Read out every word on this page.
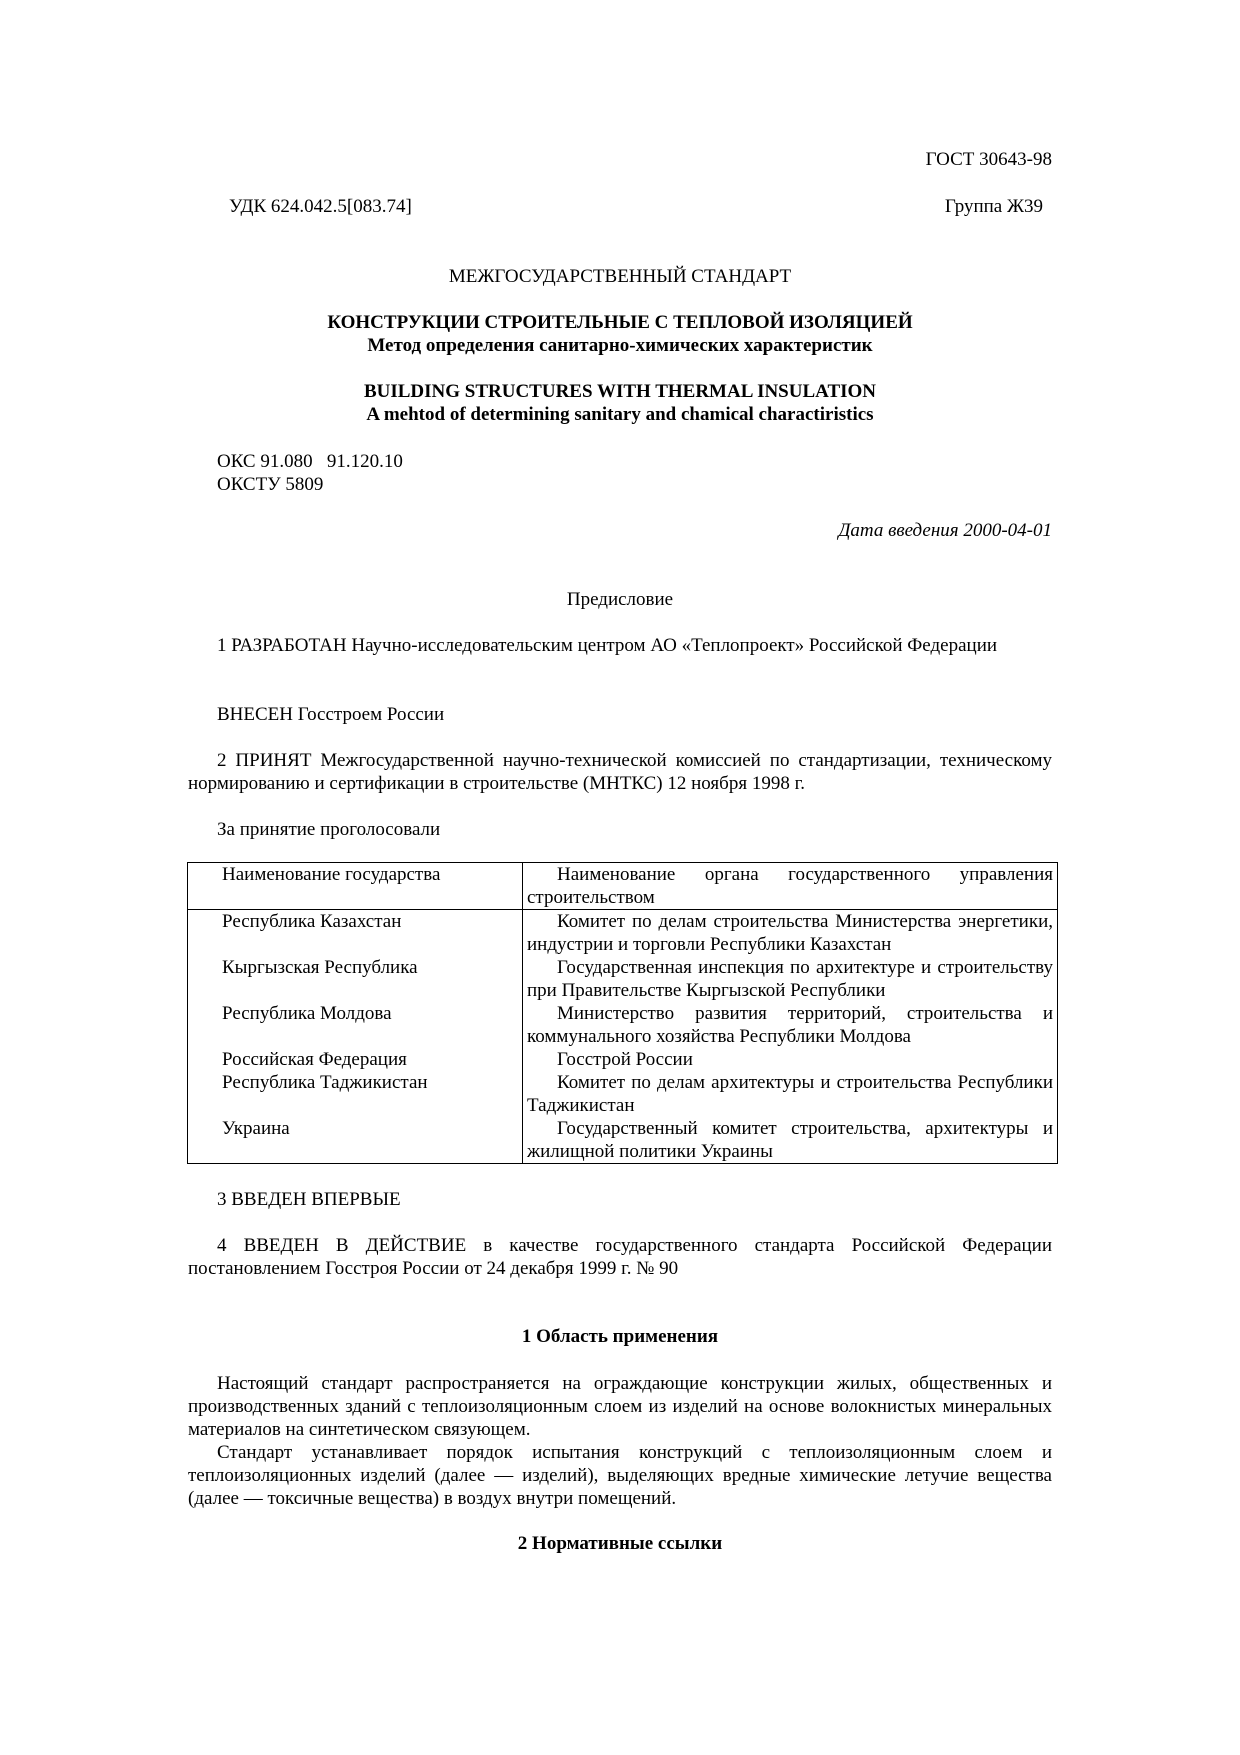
ГОСТ 30643-98
УДК 624.042.5[083.74]	Группа Ж39
МЕЖГОСУДАРСТВЕННЫЙ СТАНДАРТ
КОНСТРУКЦИИ СТРОИТЕЛЬНЫЕ С ТЕПЛОВОЙ ИЗОЛЯЦИЕЙ
Метод определения санитарно-химических характеристик
BUILDING STRUCTURES WITH THERMAL INSULATION
A mehtod of determining sanitary and chamical charactiristics
ОКС 91.080   91.120.10
ОКСТУ 5809
Дата введения 2000-04-01
Предисловие
1 РАЗРАБОТАН Научно-исследовательским центром АО «Теплопроект» Российской Федерации
ВНЕСЕН Госстроем России
2 ПРИНЯТ Межгосударственной научно-технической комиссией по стандартизации, техническому нормированию и сертификации в строительстве (МНТКС) 12 ноября 1998 г.
За принятие проголосовали
Наименование государства	Наименование органа государственного управления строительством

Республика Казахстан	Комитет по делам строительства Министерства энергетики, индустрии и торговли Республики Казахстан

Кыргызская Республика	Государственная инспекция по архитектуре и строительству при Правительстве Кыргызской Республики

Республика Молдова	Министерство развития территорий, строительства и коммунального хозяйства Республики Молдова

Российская Федерация	Госстрой России

Республика Таджикистан	Комитет по делам архитектуры и строительства Республики Таджикистан

Украина	Государственный комитет строительства, архитектуры и жилищной политики Украины
3 ВВЕДЕН ВПЕРВЫЕ
4 ВВЕДЕН В ДЕЙСТВИЕ в качестве государственного стандарта Российской Федерации постановлением Госстроя России от 24 декабря 1999 г. № 90
1 Область применения
Настоящий стандарт распространяется на ограждающие конструкции жилых, общественных и производственных зданий с теплоизоляционным слоем из изделий на основе волокнистых минеральных материалов на синтетическом связующем.
Стандарт устанавливает порядок испытания конструкций с теплоизоляционным слоем и теплоизоляционных изделий (далее — изделий), выделяющих вредные химические летучие вещества (далее — токсичные вещества) в воздух внутри помещений.
2 Нормативные ссылки
